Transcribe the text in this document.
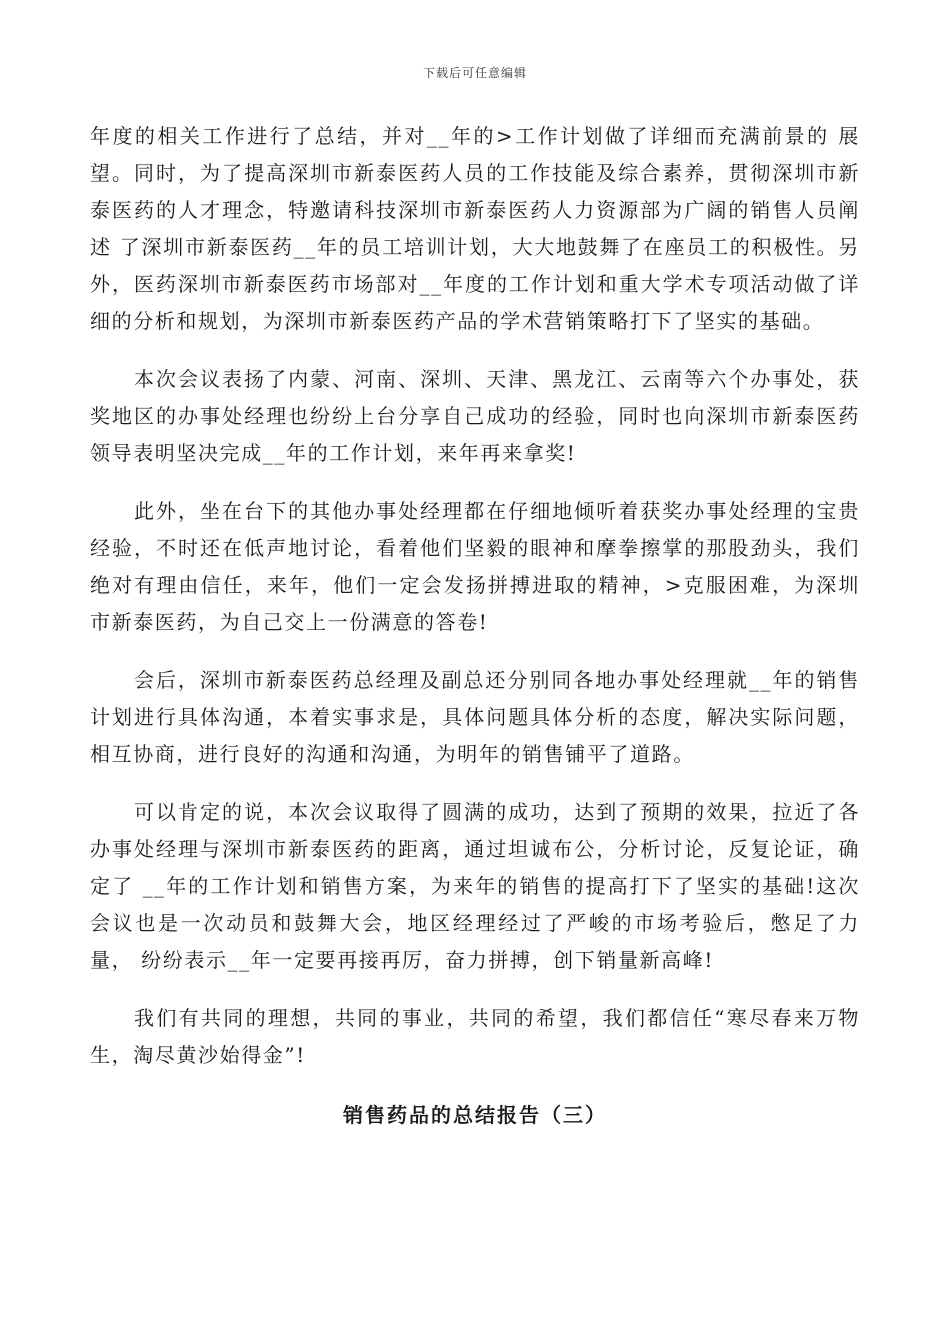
下载后可任意编辑

年度的相关工作进行了总结，并对__年的>工作计划做了详细而充满前景的 展望。同时，为了提高深圳市新泰医药人员的工作技能及综合素养，贯彻深圳市新泰医药的人才理念，特邀请科技深圳市新泰医药人力资源部为广阔的销售人员阐述 了深圳市新泰医药__年的员工培训计划，大大地鼓舞了在座员工的积极性。另外，医药深圳市新泰医药市场部对__年度的工作计划和重大学术专项活动做了详细的分析和规划，为深圳市新泰医药产品的学术营销策略打下了坚实的基础。

本次会议表扬了内蒙、河南、深圳、天津、黑龙江、云南等六个办事处，获奖地区的办事处经理也纷纷上台分享自己成功的经验，同时也向深圳市新泰医药领导表明坚决完成__年的工作计划，来年再来拿奖!

此外，坐在台下的其他办事处经理都在仔细地倾听着获奖办事处经理的宝贵经验，不时还在低声地讨论，看着他们坚毅的眼神和摩拳擦掌的那股劲头，我们绝对有理由信任，来年，他们一定会发扬拼搏进取的精神，>克服困难，为深圳市新泰医药，为自己交上一份满意的答卷!

会后，深圳市新泰医药总经理及副总还分别同各地办事处经理就__年的销售计划进行具体沟通，本着实事求是，具体问题具体分析的态度，解决实际问题，相互协商，进行良好的沟通和沟通，为明年的销售铺平了道路。

可以肯定的说，本次会议取得了圆满的成功，达到了预期的效果，拉近了各办事处经理与深圳市新泰医药的距离，通过坦诚布公，分析讨论，反复论证，确定了 __年的工作计划和销售方案，为来年的销售的提高打下了坚实的基础!这次会议也是一次动员和鼓舞大会，地区经理经过了严峻的市场考验后，憋足了力量， 纷纷表示__年一定要再接再厉，奋力拼搏，创下销量新高峰!

我们有共同的理想，共同的事业，共同的希望，我们都信任“寒尽春来万物生，淘尽黄沙始得金”!

销售药品的总结报告（三）
